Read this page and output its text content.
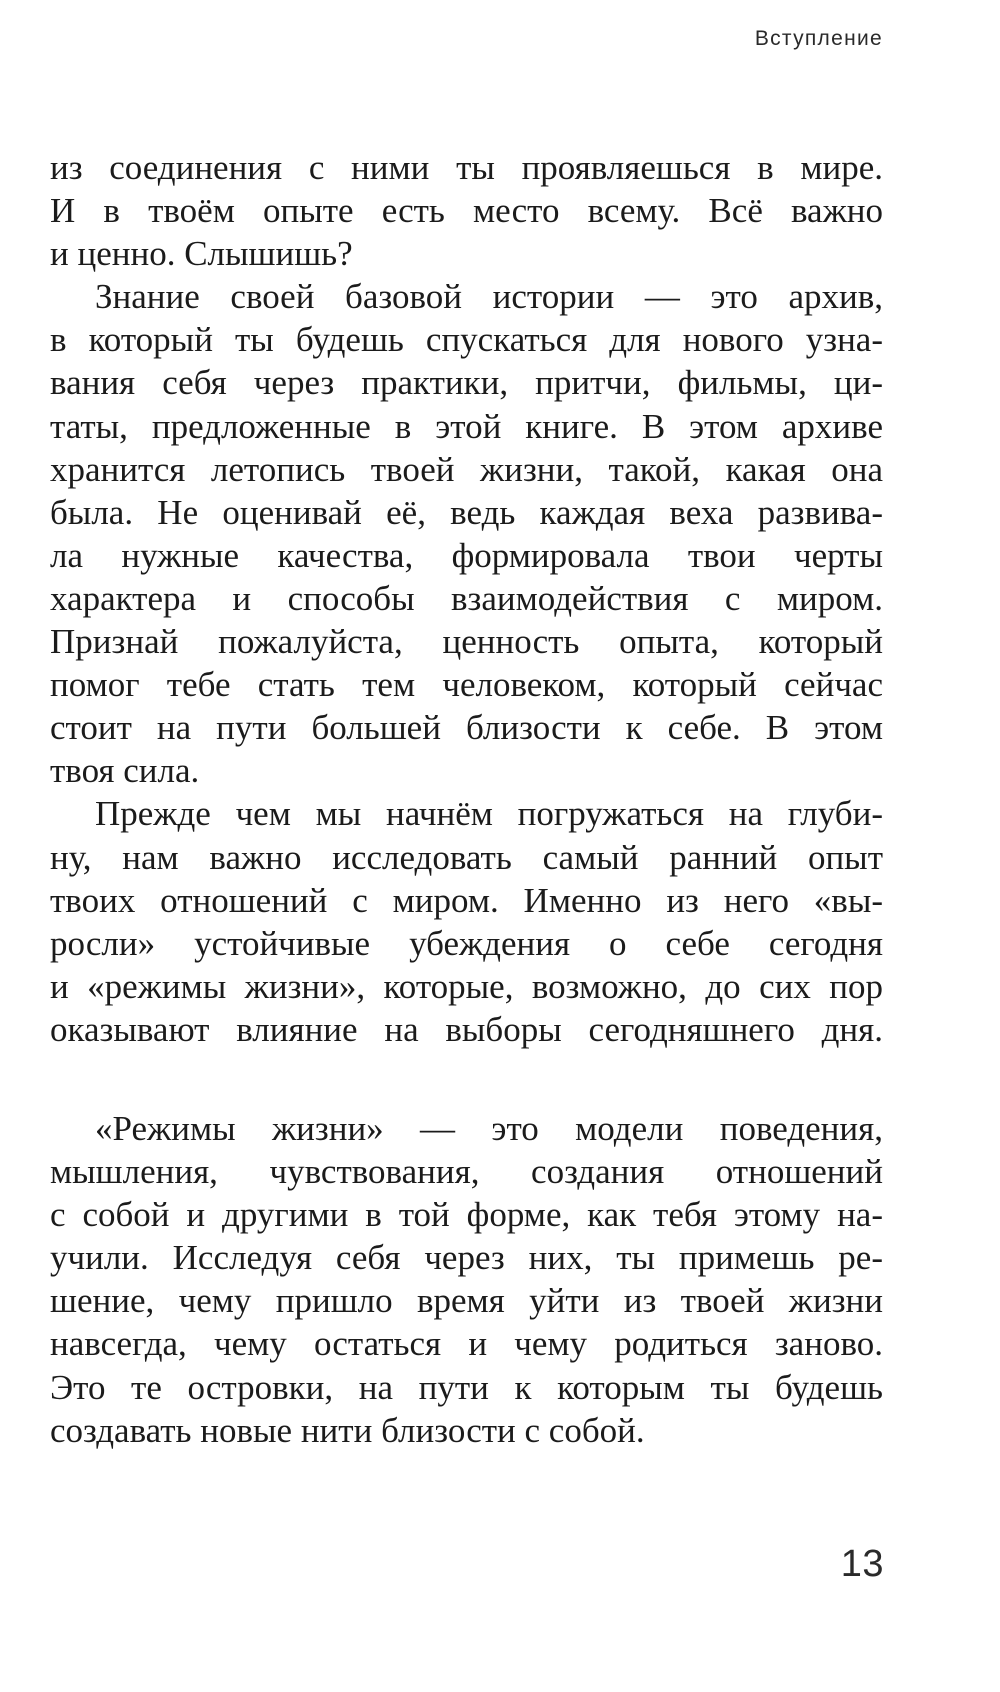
Вступление

из соединения с ними ты проявляешься в мире.
И в твоём опыте есть место всему. Всё важно
и ценно. Слышишь?

Знание своей базовой истории — это архив,
в который ты будешь спускаться для нового узна-
вания себя через практики, притчи, фильмы, ци-
таты, предложенные в этой книге. В этом архиве
хранится летопись твоей жизни, такой, какая она
была. Не оценивай её, ведь каждая веха развива-
ла нужные качества, формировала твои черты
характера и способы взаимодействия с миром.
Признай пожалуйста, ценность опыта, который
помог тебе стать тем человеком, который сейчас
стоит на пути большей близости к себе. В этом
твоя сила.

Прежде чем мы начнём погружаться на глуби-
ну, нам важно исследовать самый ранний опыт
твоих отношений с миром. Именно из него «вы-
росли» устойчивые убеждения о себе сегодня
и «режимы жизни», которые, возможно, до сих пор
оказывают влияние на выборы сегодняшнего дня.

«Режимы жизни» — это модели поведения,
мышления, чувствования, создания отношений
с собой и другими в той форме, как тебя этому на-
учили. Исследуя себя через них, ты примешь ре-
шение, чему пришло время уйти из твоей жизни
навсегда, чему остаться и чему родиться заново.
Это те островки, на пути к которым ты будешь
создавать новые нити близости с собой.

13
